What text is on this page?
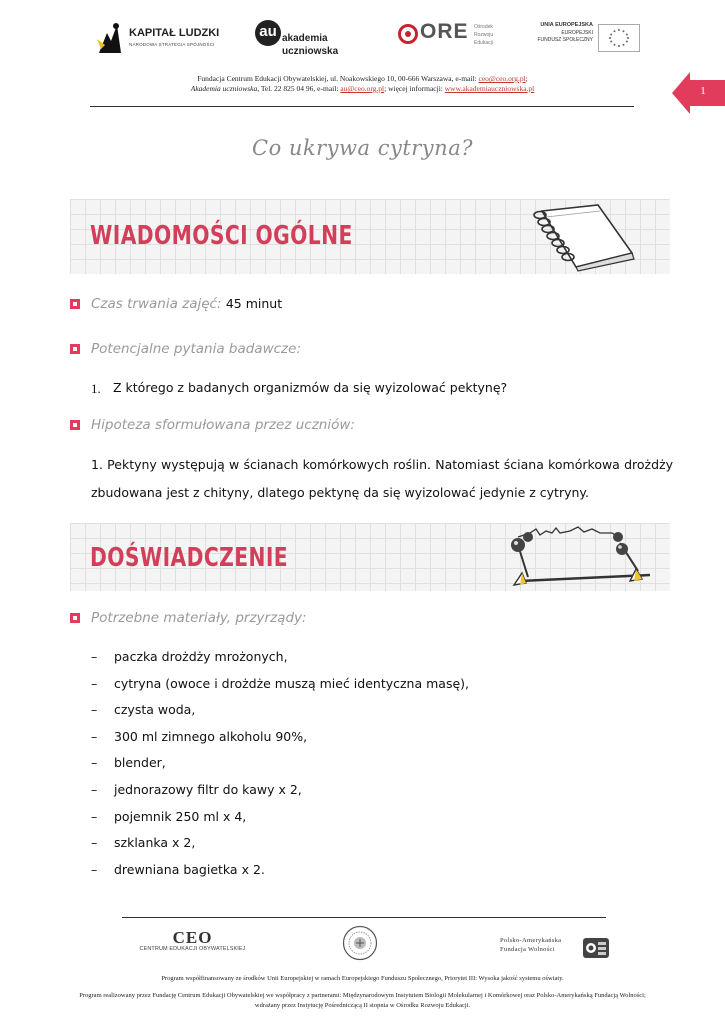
KAPITAŁ LUDZKI
NARODOWA STRATEGIA SPÓJNOŚCI
au akademia
uczniowska
ORE Ośrodek
Rozwoju
Edukacji
UNIA EUROPEJSKA
EUROPEJSKI
FUNDUSZ SPOŁECZNY
Fundacja Centrum Edukacji Obywatelskiej, ul. Noakowskiego 10, 00-666 Warszawa, e-mail: ceo@ceo.org.pl;
Akademia uczniowska, Tel. 22 825 04 96, e-mail: au@ceo.org.pl; więcej informacji: www.akademiauczniowska.pl	1
Co ukrywa cytryna?
WIADOMOŚCI OGÓLNE
Czas trwania zajęć: 45 minut
Potencjalne pytania badawcze:
1. Z którego z badanych organizmów da się wyizolować pektynę?
Hipoteza sformułowana przez uczniów:
1. Pektyny występują w ścianach komórkowych roślin. Natomiast ściana komórkowa drożdży
zbudowana jest z chityny, dlatego pektynę da się wyizolować jedynie z cytryny.
DOŚWIADCZENIE
Potrzebne materiały, przyrządy:
– paczka drożdży mrożonych,
– cytryna (owoce i drożdże muszą mieć identyczna masę),
– czysta woda,
– 300 ml zimnego alkoholu 90%,
– blender,
– jednorazowy filtr do kawy x 2,
– pojemnik 250 ml x 4,
– szklanka x 2,
– drewniana bagietka x 2.
CEO
CENTRUM EDUKACJI OBYWATELSKIEJ
Polsko-Amerykańska
Fundacja Wolności
Program współfinansowany ze środków Unii Europejskiej w ramach Europejskiego Funduszu Społecznego, Priorytet III: Wysoka jakość systemu oświaty.
Program realizowany przez Fundację Centrum Edukacji Obywatelskiej we współpracy z partnerami: Międzynarodowym Instytutem Biologii Molekularnej i Komórkowej oraz Polsko-Amerykańską Fundacją Wolności;
wdrażany przez Instytucję Pośredniczącą II stopnia w Ośrodku Rozwoju Edukacji.
